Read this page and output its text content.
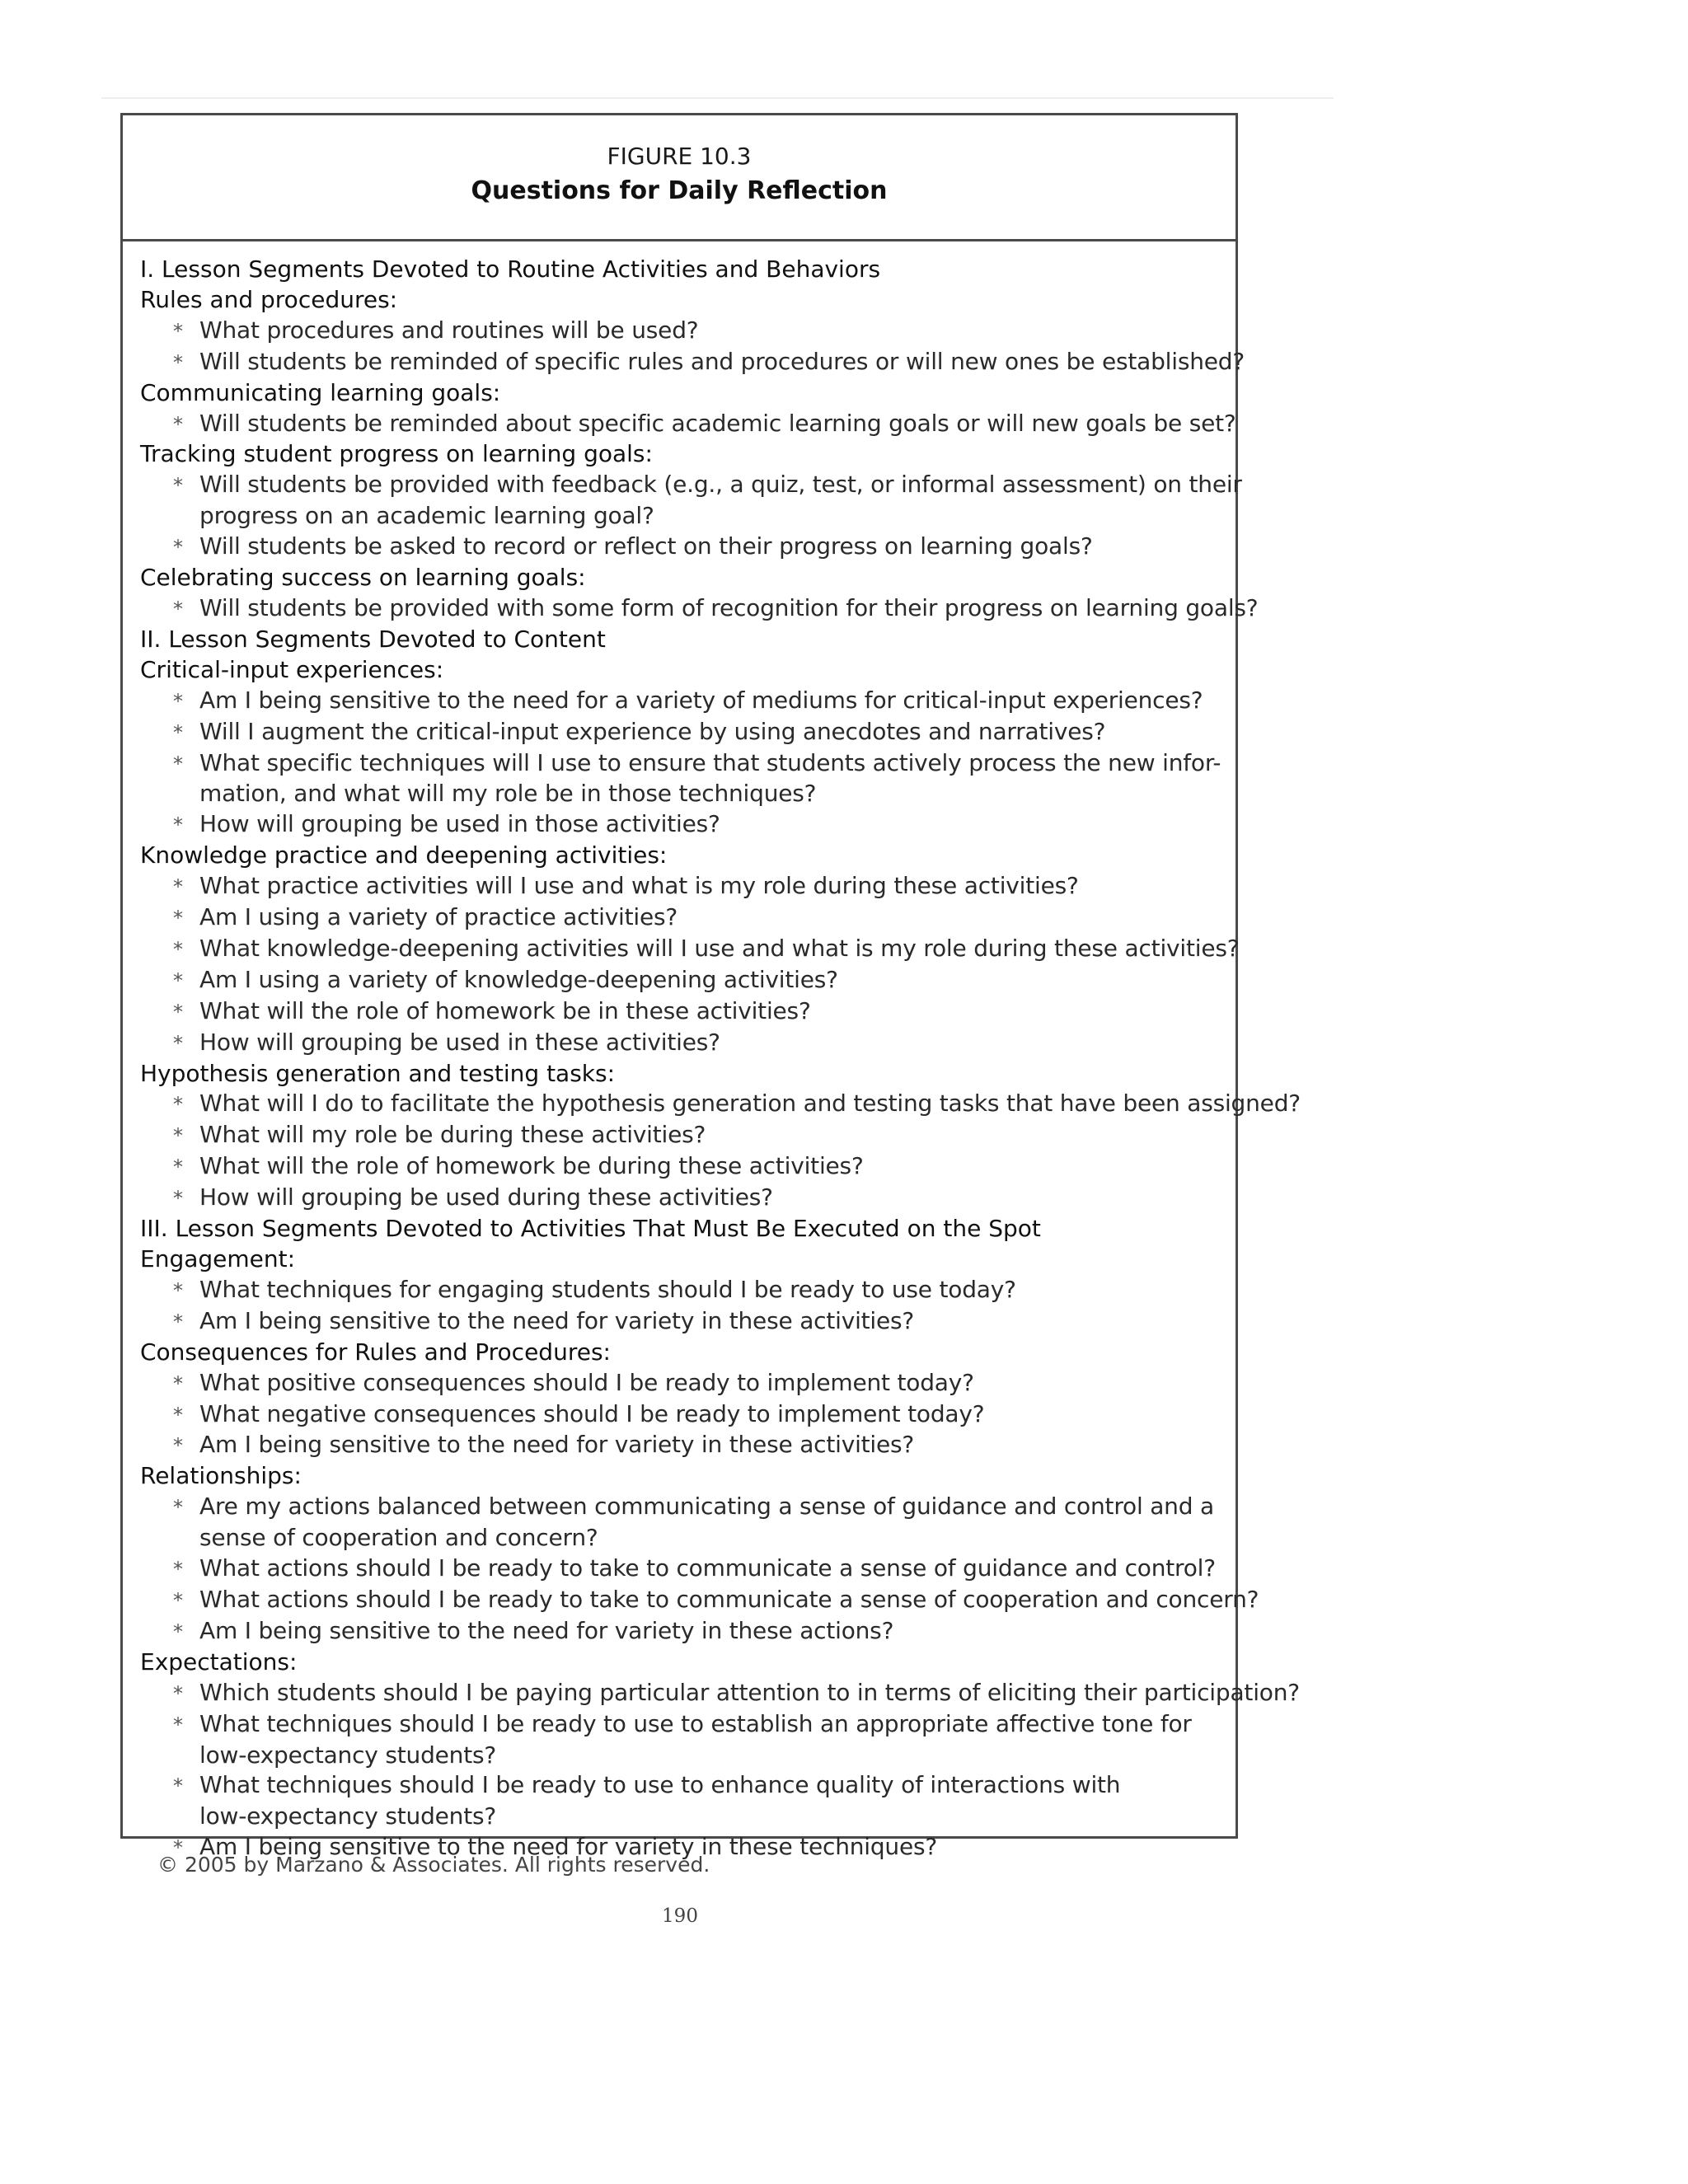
FIGURE 10.3
Questions for Daily Reflection
I. Lesson Segments Devoted to Routine Activities and Behaviors
Rules and procedures:
* What procedures and routines will be used?
* Will students be reminded of specific rules and procedures or will new ones be established?
Communicating learning goals:
* Will students be reminded about specific academic learning goals or will new goals be set?
Tracking student progress on learning goals:
* Will students be provided with feedback (e.g., a quiz, test, or informal assessment) on their
progress on an academic learning goal?
* Will students be asked to record or reflect on their progress on learning goals?
Celebrating success on learning goals:
* Will students be provided with some form of recognition for their progress on learning goals?
II. Lesson Segments Devoted to Content
Critical-input experiences:
* Am I being sensitive to the need for a variety of mediums for critical-input experiences?
* Will I augment the critical-input experience by using anecdotes and narratives?
* What specific techniques will I use to ensure that students actively process the new infor-
mation, and what will my role be in those techniques?
* How will grouping be used in those activities?
Knowledge practice and deepening activities:
* What practice activities will I use and what is my role during these activities?
* Am I using a variety of practice activities?
* What knowledge-deepening activities will I use and what is my role during these activities?
* Am I using a variety of knowledge-deepening activities?
* What will the role of homework be in these activities?
* How will grouping be used in these activities?
Hypothesis generation and testing tasks:
* What will I do to facilitate the hypothesis generation and testing tasks that have been assigned?
* What will my role be during these activities?
* What will the role of homework be during these activities?
* How will grouping be used during these activities?
III. Lesson Segments Devoted to Activities That Must Be Executed on the Spot
Engagement:
* What techniques for engaging students should I be ready to use today?
* Am I being sensitive to the need for variety in these activities?
Consequences for Rules and Procedures:
* What positive consequences should I be ready to implement today?
* What negative consequences should I be ready to implement today?
* Am I being sensitive to the need for variety in these activities?
Relationships:
* Are my actions balanced between communicating a sense of guidance and control and a
sense of cooperation and concern?
* What actions should I be ready to take to communicate a sense of guidance and control?
* What actions should I be ready to take to communicate a sense of cooperation and concern?
* Am I being sensitive to the need for variety in these actions?
Expectations:
* Which students should I be paying particular attention to in terms of eliciting their participation?
* What techniques should I be ready to use to establish an appropriate affective tone for
low-expectancy students?
* What techniques should I be ready to use to enhance quality of interactions with
low-expectancy students?
* Am I being sensitive to the need for variety in these techniques?
© 2005 by Marzano & Associates. All rights reserved.
190
